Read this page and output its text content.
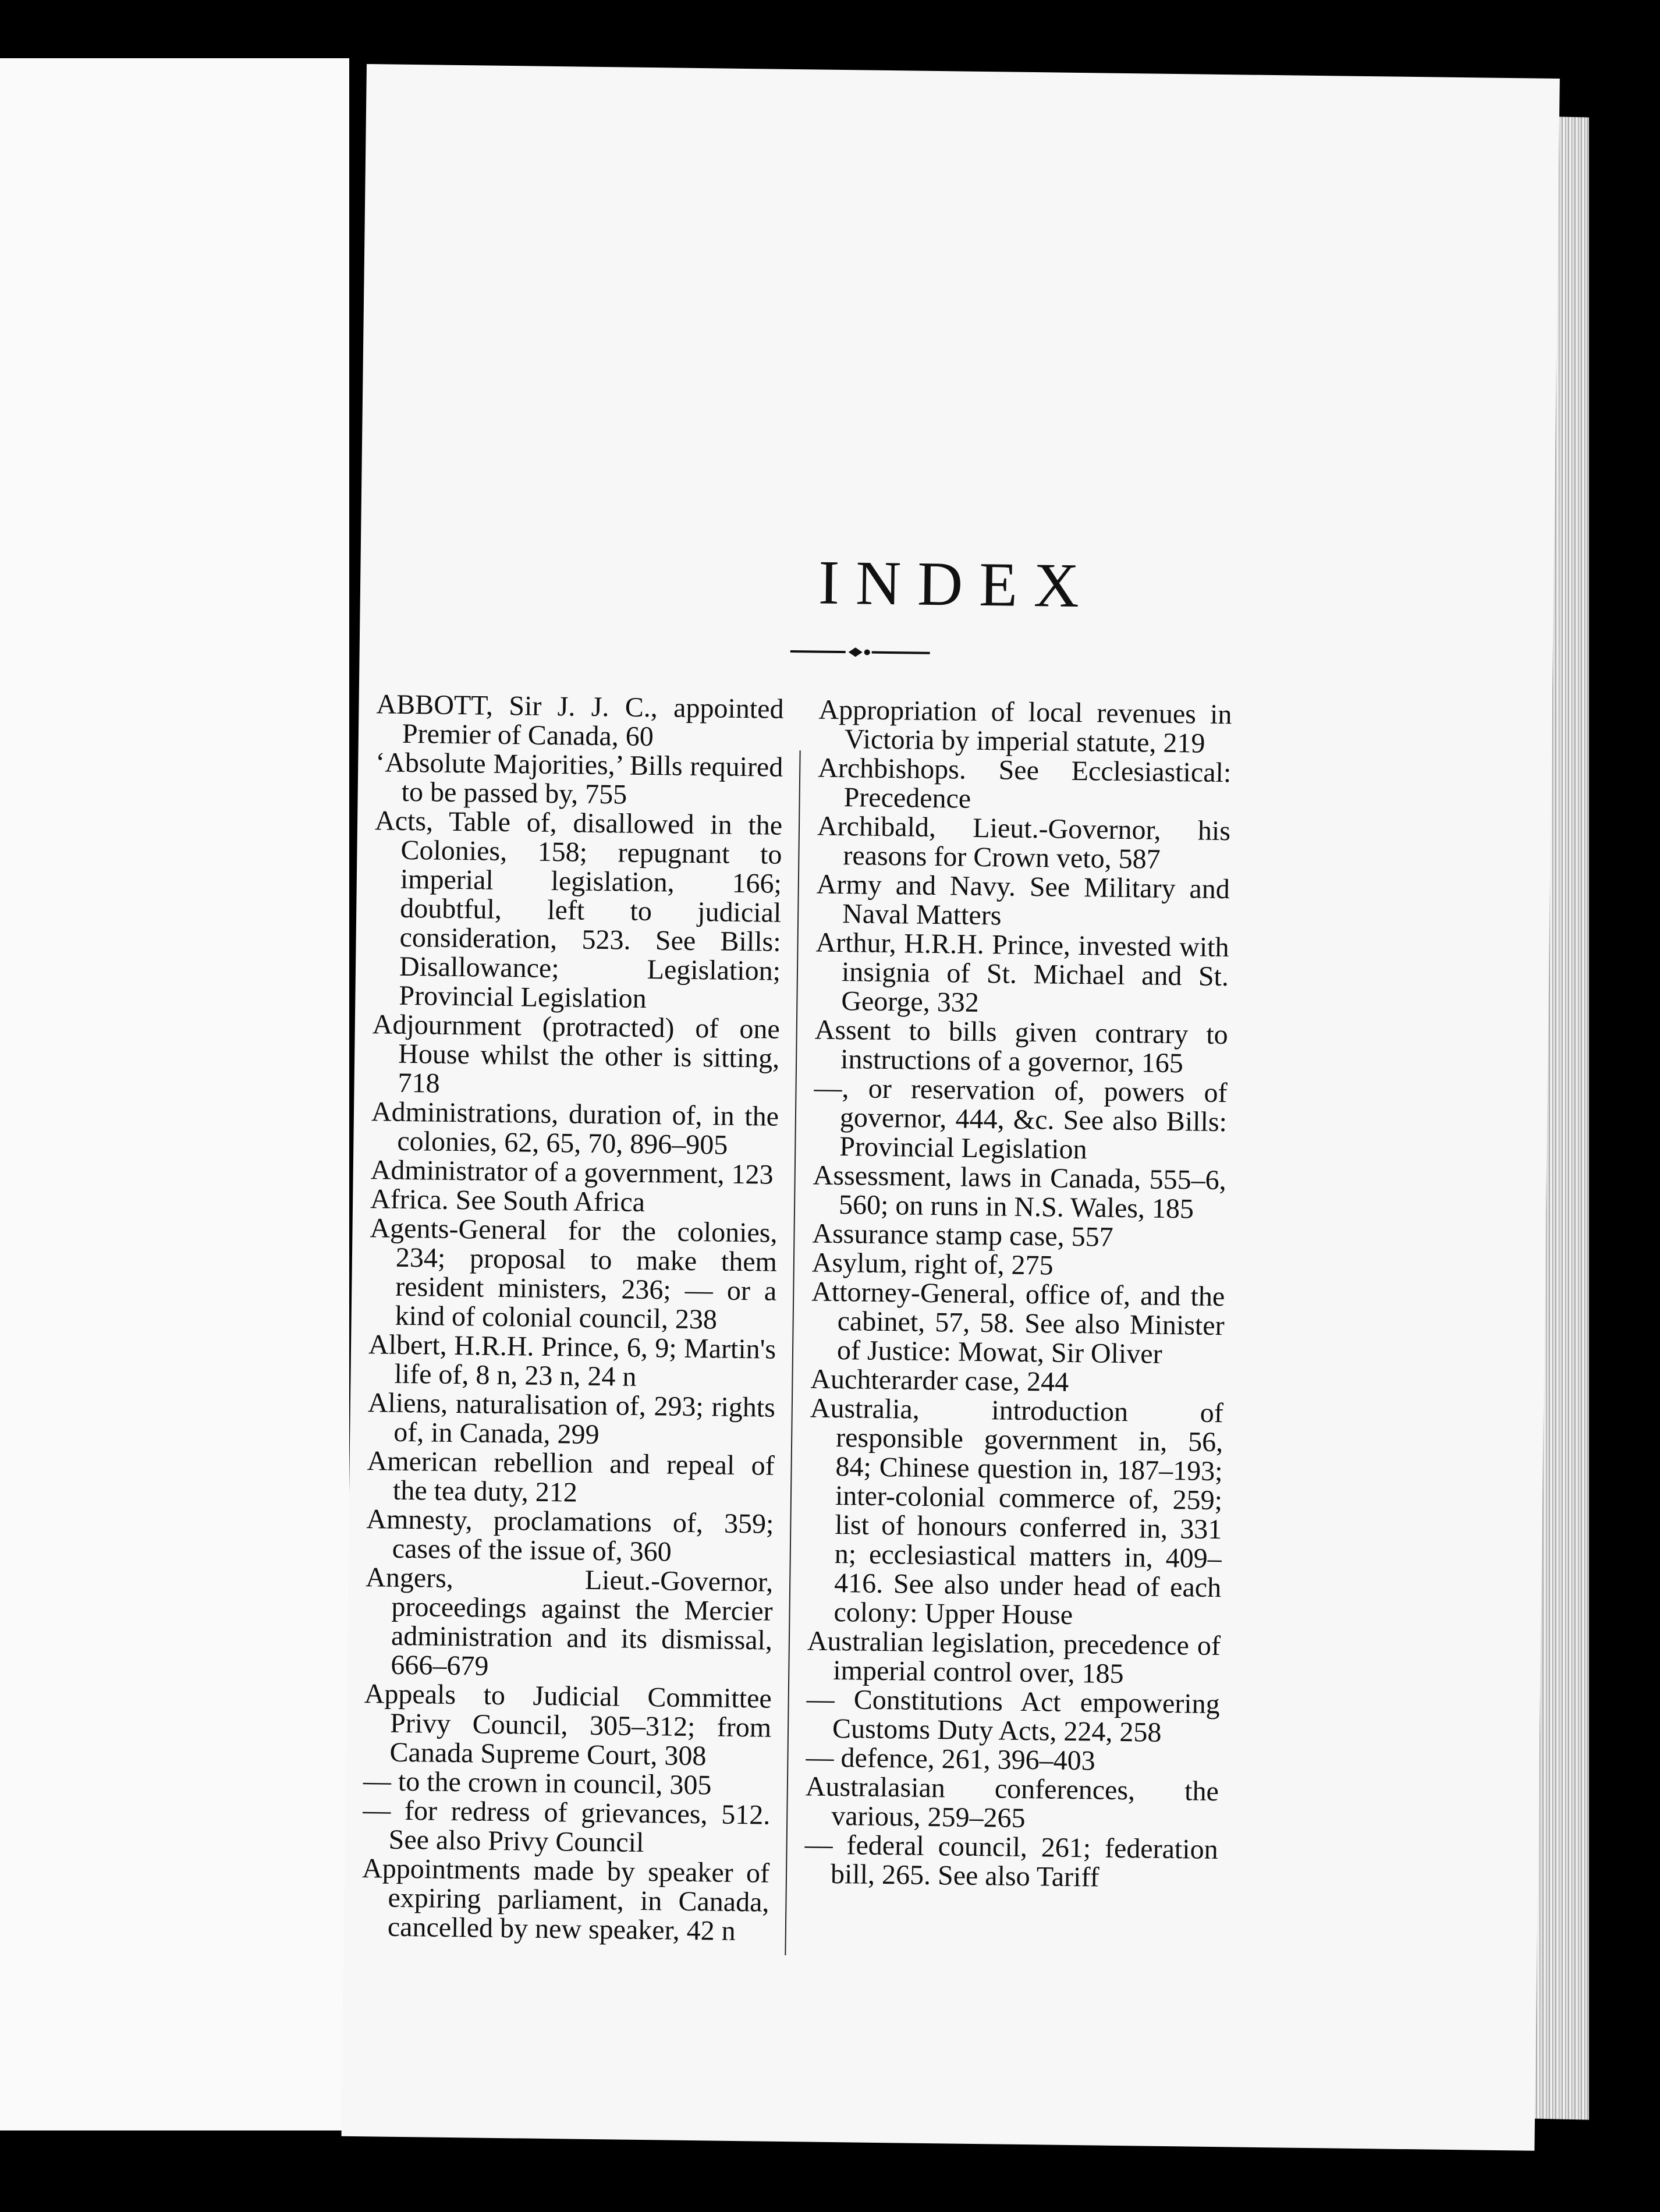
INDEX

ABBOTT, Sir J. J. C., appointed Premier of Canada, 60

‘Absolute Majorities,’ Bills required to be passed by, 755

Acts, Table of, disallowed in the Colonies, 158; repugnant to imperial legislation, 166; doubtful, left to judicial consideration, 523. See Bills: Disallowance; Legislation; Provincial Legislation

Adjournment (protracted) of one House whilst the other is sitting, 718

Administrations, duration of, in the colonies, 62, 65, 70, 896–905

Administrator of a government, 123

Africa. See South Africa

Agents-General for the colonies, 234; proposal to make them resident ministers, 236; — or a kind of colonial council, 238

Albert, H.R.H. Prince, 6, 9; Martin's life of, 8 n, 23 n, 24 n

Aliens, naturalisation of, 293; rights of, in Canada, 299

American rebellion and repeal of the tea duty, 212

Amnesty, proclamations of, 359; cases of the issue of, 360

Angers, Lieut.-Governor, proceedings against the Mercier administration and its dismissal, 666–679

Appeals to Judicial Committee Privy Council, 305–312; from Canada Supreme Court, 308

— to the crown in council, 305

— for redress of grievances, 512. See also Privy Council

Appointments made by speaker of expiring parliament, in Canada, cancelled by new speaker, 42 n

Appropriation of local revenues in Victoria by imperial statute, 219

Archbishops. See Ecclesiastical: Precedence

Archibald, Lieut.-Governor, his reasons for Crown veto, 587

Army and Navy. See Military and Naval Matters

Arthur, H.R.H. Prince, invested with insignia of St. Michael and St. George, 332

Assent to bills given contrary to instructions of a governor, 165

—, or reservation of, powers of governor, 444, &c. See also Bills: Provincial Legislation

Assessment, laws in Canada, 555–6, 560; on runs in N.S. Wales, 185

Assurance stamp case, 557

Asylum, right of, 275

Attorney-General, office of, and the cabinet, 57, 58. See also Minister of Justice: Mowat, Sir Oliver

Auchterarder case, 244

Australia, introduction of responsible government in, 56, 84; Chinese question in, 187–193; inter-colonial commerce of, 259; list of honours conferred in, 331 n; ecclesiastical matters in, 409–416. See also under head of each colony: Upper House

Australian legislation, precedence of imperial control over, 185

— Constitutions Act empowering Customs Duty Acts, 224, 258

— defence, 261, 396–403

Australasian conferences, the various, 259–265

— federal council, 261; federation bill, 265. See also Tariff
